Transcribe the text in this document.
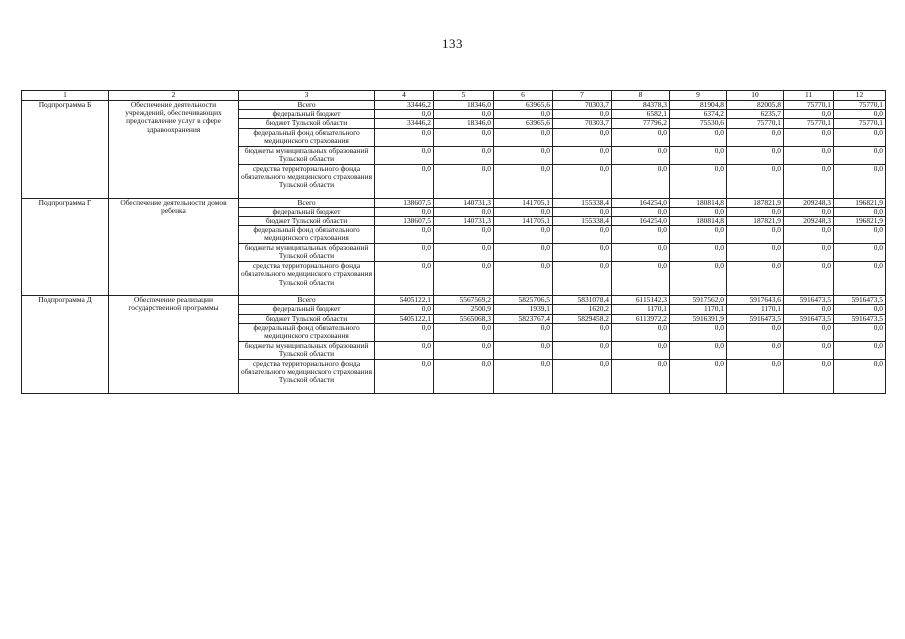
133
1	2	3	4	5	6	7	8	9	10	11	12
Подпрограмма Б	Обеспечение деятельности учреждений, обеспечивающих предоставление услуг в сфере здравоохранения	Всего	33446,2	18346,0	63965,6	70303,7	84378,3	81904,8	82005,8	75770,1	75770,1
		федеральный бюджет	0,0	0,0	0,0	0,0	6582,1	6374,2	6235,7	0,0	0,0
		бюджет Тульской области	33446,2	18346,0	63965,6	70303,7	77796,2	75530,6	75770,1	75770,1	75770,1
		федеральный фонд обязательного медицинского страхования	0,0	0,0	0,0	0,0	0,0	0,0	0,0	0,0	0,0
		бюджеты муниципальных образований Тульской области	0,0	0,0	0,0	0,0	0,0	0,0	0,0	0,0	0,0
		средства территориального фонда обязательного медицинского страхования Тульской области	0,0	0,0	0,0	0,0	0,0	0,0	0,0	0,0	0,0
Подпрограмма Г	Обеспечение деятельности домов ребенка	Всего	138607,5	140731,3	141705,1	155338,4	164254,0	180814,8	187821,9	209248,3	196821,9
		федеральный бюджет	0,0	0,0	0,0	0,0	0,0	0,0	0,0	0,0	0,0
		бюджет Тульской области	138607,5	140731,3	141705,1	155338,4	164254,0	180814,8	187821,9	209248,3	196821,9
		федеральный фонд обязательного медицинского страхования	0,0	0,0	0,0	0,0	0,0	0,0	0,0	0,0	0,0
		бюджеты муниципальных образований Тульской области	0,0	0,0	0,0	0,0	0,0	0,0	0,0	0,0	0,0
		средства территориального фонда обязательного медицинского страхования Тульской области	0,0	0,0	0,0	0,0	0,0	0,0	0,0	0,0	0,0
Подпрограмма Д	Обеспечение реализации государственной программы	Всего	5405122,1	5567569,2	5825706,5	5831078,4	6115142,3	5917562,0	5917643,6	5916473,5	5916473,5
		федеральный бюджет	0,0	2500,9	1939,1	1620,2	1170,1	1170,1	1170,1	0,0	0,0
		бюджет Тульской области	5405122,1	5565068,3	5823767,4	5829458,2	6113972,2	5916391,9	5916473,5	5916473,5	5916473,5
		федеральный фонд обязательного медицинского страхования	0,0	0,0	0,0	0,0	0,0	0,0	0,0	0,0	0,0
		бюджеты муниципальных образований Тульской области	0,0	0,0	0,0	0,0	0,0	0,0	0,0	0,0	0,0
		средства территориального фонда обязательного медицинского страхования Тульской области	0,0	0,0	0,0	0,0	0,0	0,0	0,0	0,0	0,0
